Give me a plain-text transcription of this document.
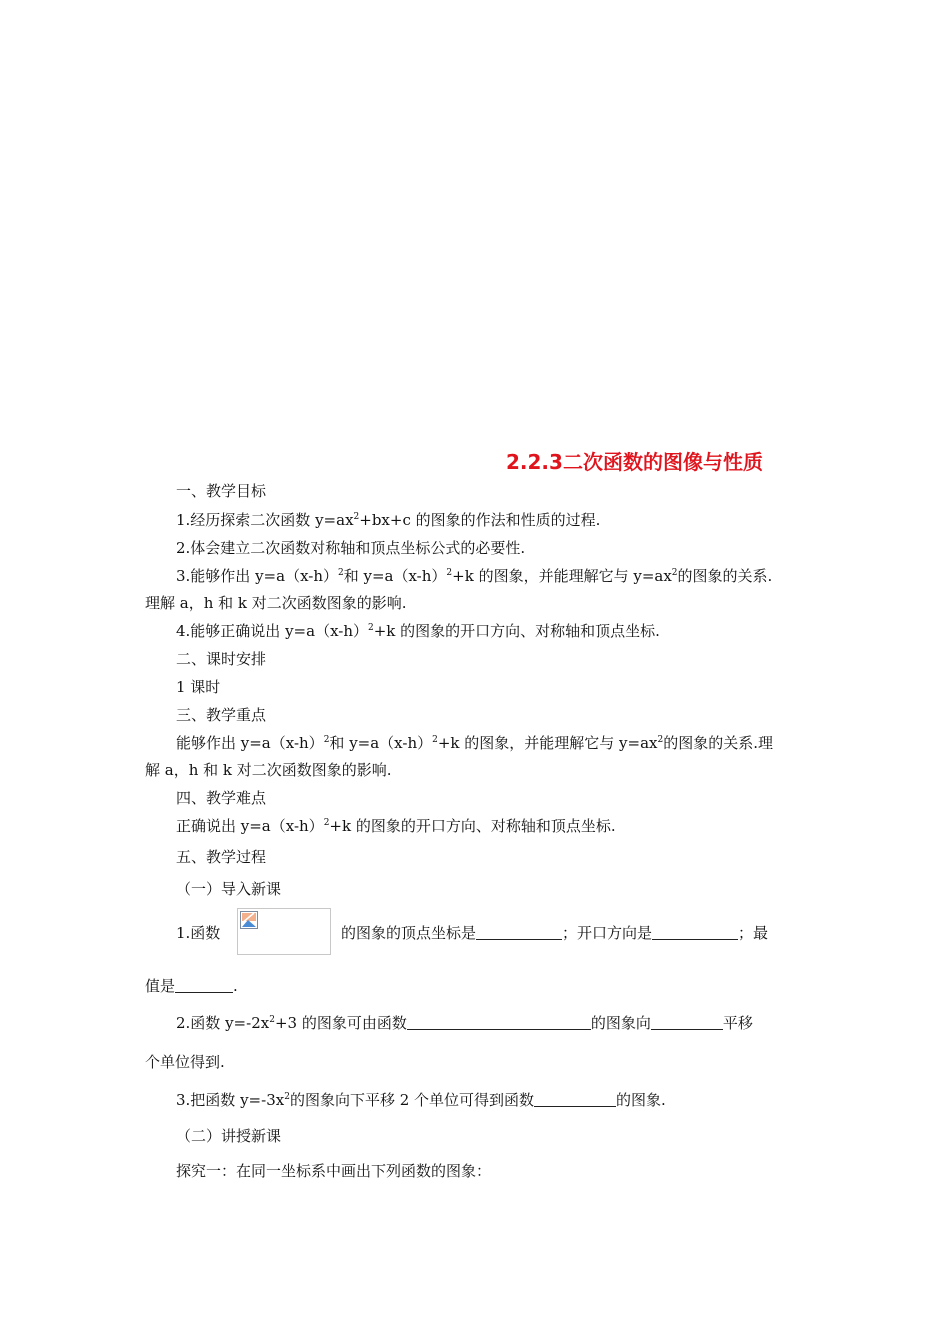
2.2.3二次函数的图像与性质
一、教学目标
1.经历探索二次函数 $y=ax^2+bx+c$ 的图象的作法和性质的过程.
2.体会建立二次函数对称轴和顶点坐标公式的必要性.
3.能够作出 $y=a(x-h)^2$和 $y=a(x-h)^2+k$ 的图象，并能理解它与 $y=ax^2$的图象的关系.
理解 a，h 和 k 对二次函数图象的影响.
4.能够正确说出 $y=a(x-h)^2+k$ 的图象的开口方向、对称轴和顶点坐标.
二、课时安排
1 课时
三、教学重点
能够作出 $y=a(x-h)^2$和 $y=a(x-h)^2+k$ 的图象，并能理解它与 $y=ax^2$的图象的关系.理
解 a，h 和 k 对二次函数图象的影响.
四、教学难点
正确说出 $y=a(x-h)^2+k$ 的图象的开口方向、对称轴和顶点坐标.
五、教学过程
（一）导入新课
1.函数	的图象的顶点坐标是	；开口方向是	；最
值是	.
2.函数 $y=-2x^2+3$ 的图象可由函数	的图象向	平移
个单位得到.
3.把函数 $y=-3x^2$的图象向下平移 2 个单位可得到函数	的图象.
（二）讲授新课
探究一：在同一坐标系中画出下列函数的图象：
